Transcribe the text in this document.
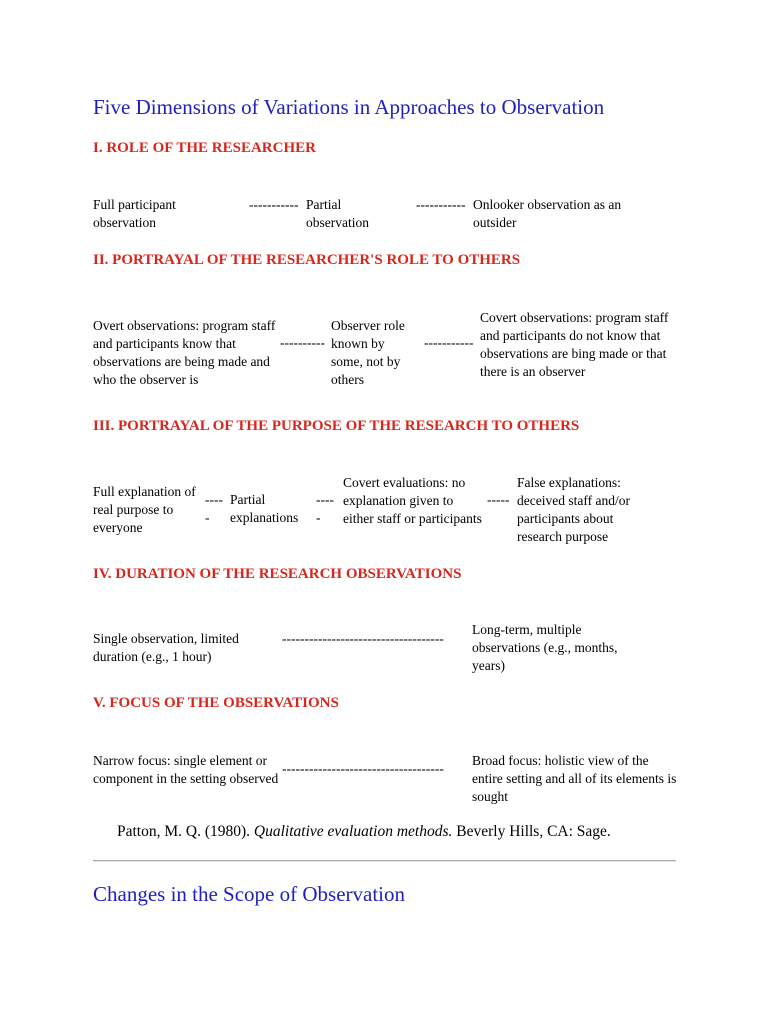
Five Dimensions of Variations in Approaches to Observation
I. ROLE OF THE RESEARCHER
Full participant observation
----------- Partial observation
----------- Onlooker observation as an outsider
II. PORTRAYAL OF THE RESEARCHER'S ROLE TO OTHERS
Overt observations: program staff and participants know that observations are being made and who the observer is
----------
Observer role known by some, not by others
-----------
Covert observations: program staff and participants do not know that observations are bing made or that there is an observer
III. PORTRAYAL OF THE PURPOSE OF THE RESEARCH TO OTHERS
Full explanation of real purpose to everyone
-----
Partial explanations
-----
Covert evaluations: no explanation given to either staff or participants
-----
False explanations: deceived staff and/or participants about research purpose
IV. DURATION OF THE RESEARCH OBSERVATIONS
Single observation, limited duration (e.g., 1 hour)
------------------------------------
Long-term, multiple observations (e.g., months, years)
V. FOCUS OF THE OBSERVATIONS
Narrow focus: single element or component in the setting observed
------------------------------------
Broad focus: holistic view of the entire setting and all of its elements is sought
Patton, M. Q. (1980). Qualitative evaluation methods. Beverly Hills, CA: Sage.
Changes in the Scope of Observation
